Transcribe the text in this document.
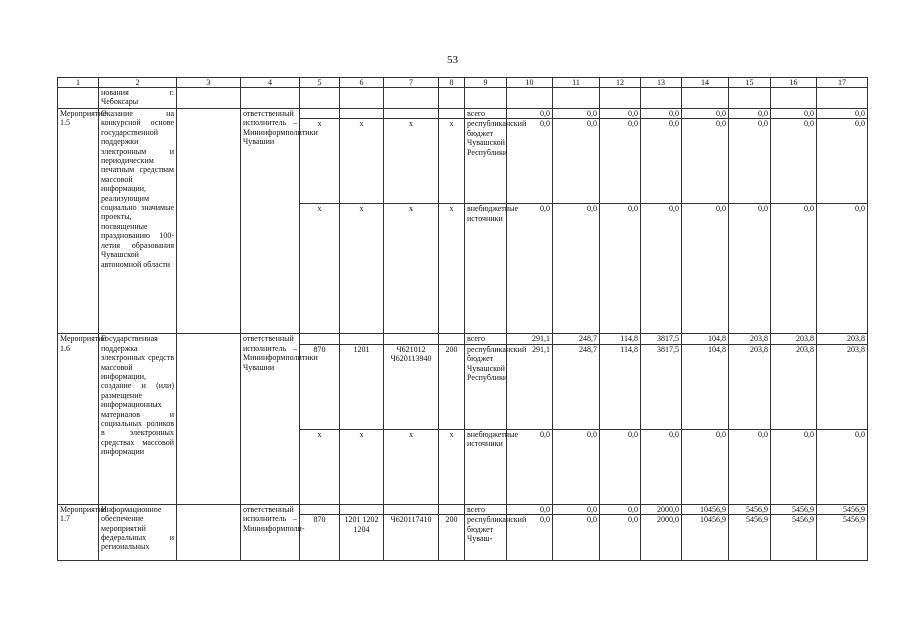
53
1	2	3	4	5	6	7	8	9	10	11	12	13	14	15	16	17
	нования г. Чебоксары															
Мероприятие 1.5	Оказание на конкурсной основе государственной поддержки электронным и периодическим печатным средствам массовой информации, реализующим социально значимые проекты, посвященные празднованию 100-летия образования Чувашской автономной области		ответственный исполнитель – Мининформполитики Чувашии					всего	0,0	0,0	0,0	0,0	0,0	0,0	0,0	0,0
				x	x	x	x	республиканский бюджет Чувашской Республики	0,0	0,0	0,0	0,0	0,0	0,0	0,0	0,0
				x	x	x	x	внебюджетные источники	0,0	0,0	0,0	0,0	0,0	0,0	0,0	0,0
Мероприятие 1.6	Государственная поддержка электронных средств массовой информации, создание и (или) размещение информационных материалов и социальных роликов в электронных средствах массовой информации		ответственный исполнитель – Мининформполитики Чувашии					всего	291,1	248,7	114,8	3817,5	104,8	203,8	203,8	203,8
				870	1201	Ч621012 Ч620113940	200	республиканский бюджет Чувашской Республики	291,1	248,7	114,8	3817,5	104,8	203,8	203,8	203,8
				x	x	x	x	внебюджетные источники	0,0	0,0	0,0	0,0	0,0	0,0	0,0	0,0
Мероприятие 1.7	Информационное обеспечение мероприятий федеральных и региональных		ответственный исполнитель – Мининформполи-					всего	0,0	0,0	0,0	2000,0	10456,9	5456,9	5456,9	5456,9
				870	1201 1202 1204	Ч620117410	200	республиканский бюджет Чуваш-	0,0	0,0	0,0	2000,0	10456,9	5456,9	5456,9	5456,9
